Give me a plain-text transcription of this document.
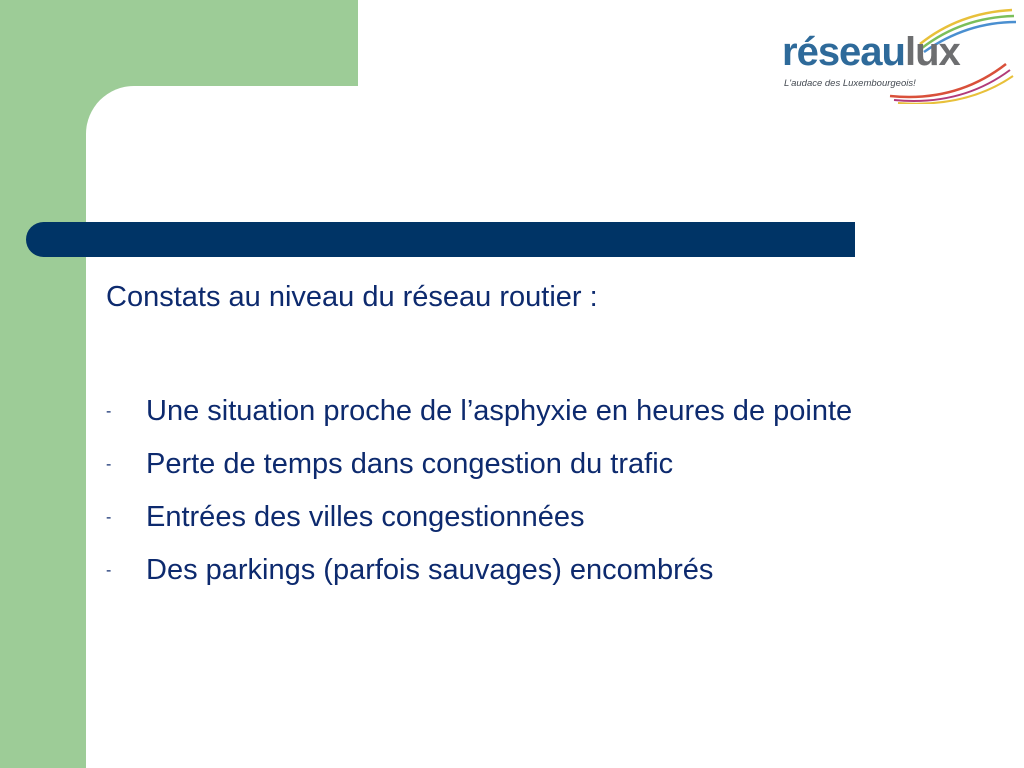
réseaulux
L'audace des Luxembourgeois!

Constats au niveau du réseau routier :

- Une situation proche de l’asphyxie en heures de pointe
- Perte de temps dans congestion du trafic
- Entrées des villes congestionnées
- Des parkings (parfois sauvages) encombrés
